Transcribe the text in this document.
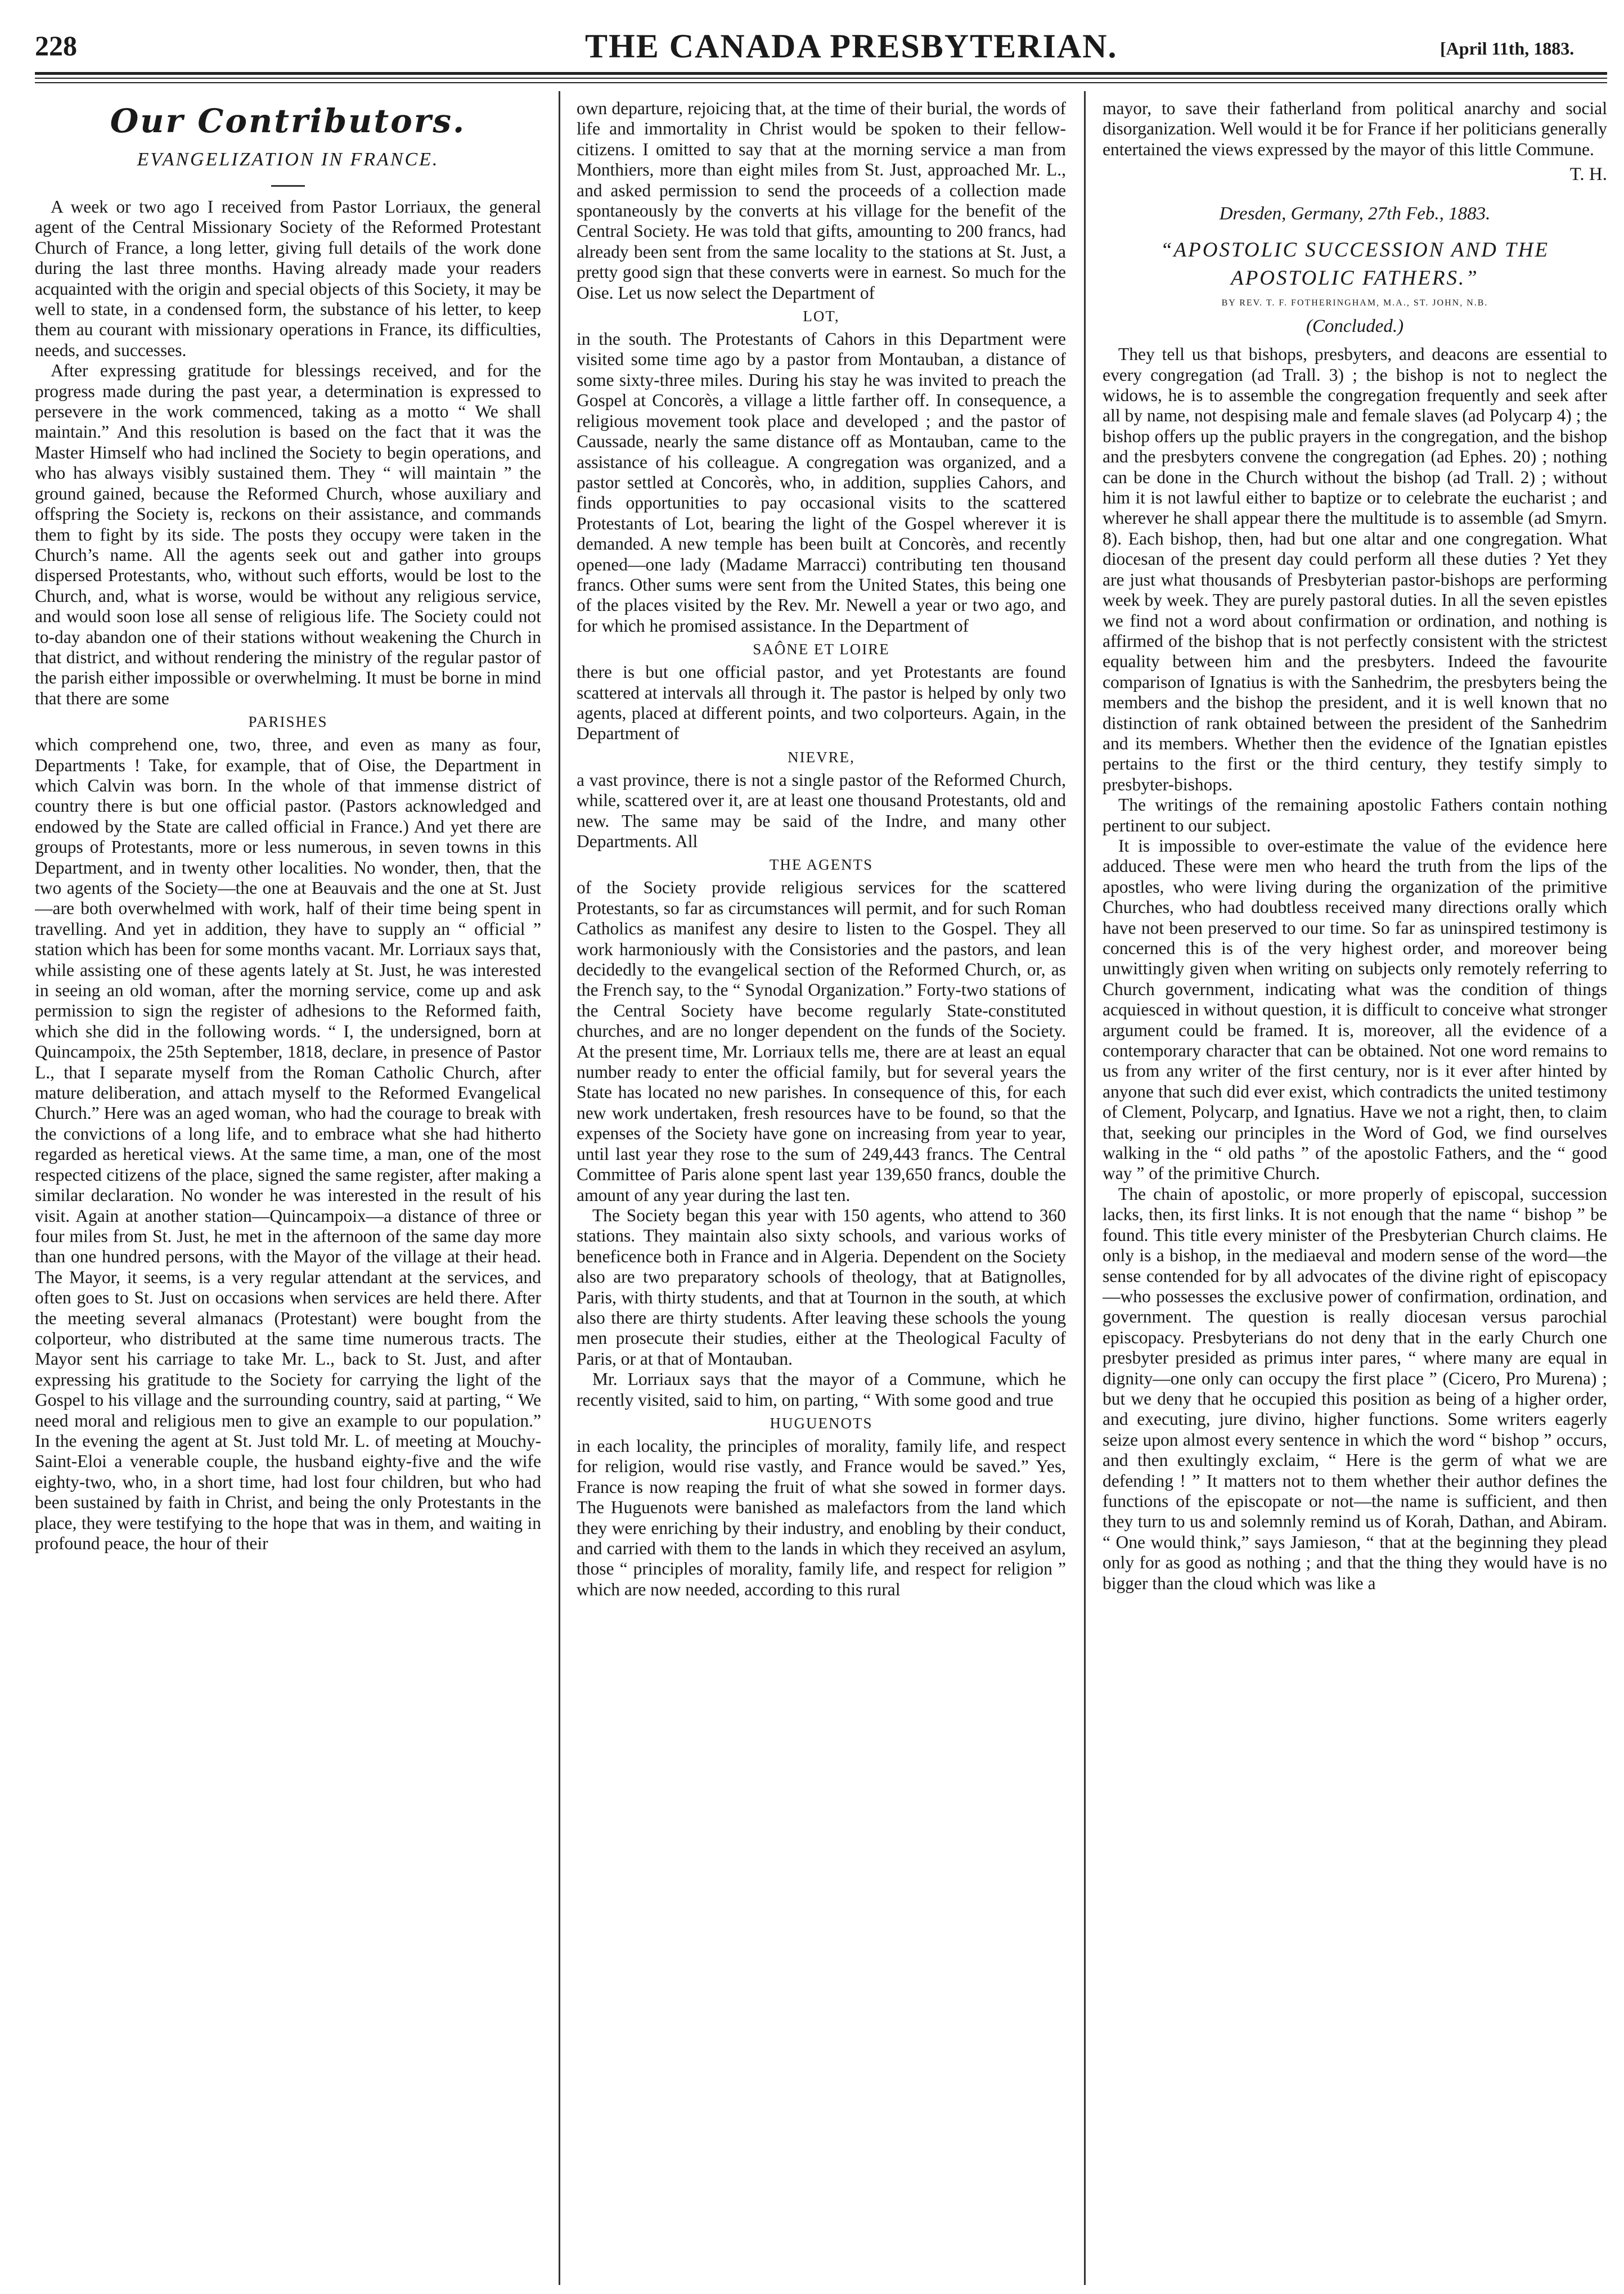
228	THE CANADA PRESBYTERIAN.	[April 11th, 1883.

Our Contributors.

EVANGELIZATION IN FRANCE.

A week or two ago I received from Pastor Lorriaux, the general agent of the Central Missionary Society of the Reformed Protestant Church of France, a long letter, giving full details of the work done during the last three months. Having already made your readers acquainted with the origin and special objects of this Society, it may be well to state, in a condensed form, the substance of his letter, to keep them au courant with missionary operations in France, its difficulties, needs, and successes.

After expressing gratitude for blessings received, and for the progress made during the past year, a determination is expressed to persevere in the work commenced, taking as a motto “ We shall maintain.” And this resolution is based on the fact that it was the Master Himself who had inclined the Society to begin operations, and who has always visibly sustained them. They “ will maintain ” the ground gained, because the Reformed Church, whose auxiliary and offspring the Society is, reckons on their assistance, and commands them to fight by its side. The posts they occupy were taken in the Church’s name. All the agents seek out and gather into groups dispersed Protestants, who, without such efforts, would be lost to the Church, and, what is worse, would be without any religious service, and would soon lose all sense of religious life. The Society could not to-day abandon one of their stations without weakening the Church in that district, and without rendering the ministry of the regular pastor of the parish either impossible or overwhelming. It must be borne in mind that there are some

PARISHES

which comprehend one, two, three, and even as many as four, Departments ! Take, for example, that of Oise, the Department in which Calvin was born. In the whole of that immense district of country there is but one official pastor. (Pastors acknowledged and endowed by the State are called official in France.) And yet there are groups of Protestants, more or less numerous, in seven towns in this Department, and in twenty other localities. No wonder, then, that the two agents of the Society—the one at Beauvais and the one at St. Just—are both overwhelmed with work, half of their time being spent in travelling. And yet in addition, they have to supply an “ official ” station which has been for some months vacant. Mr. Lorriaux says that, while assisting one of these agents lately at St. Just, he was interested in seeing an old woman, after the morning service, come up and ask permission to sign the register of adhesions to the Reformed faith, which she did in the following words. “ I, the undersigned, born at Quincampoix, the 25th September, 1818, declare, in presence of Pastor L., that I separate myself from the Roman Catholic Church, after mature deliberation, and attach myself to the Reformed Evangelical Church.” Here was an aged woman, who had the courage to break with the convictions of a long life, and to embrace what she had hitherto regarded as heretical views. At the same time, a man, one of the most respected citizens of the place, signed the same register, after making a similar declaration. No wonder he was interested in the result of his visit. Again at another station—Quincampoix—a distance of three or four miles from St. Just, he met in the afternoon of the same day more than one hundred persons, with the Mayor of the village at their head. The Mayor, it seems, is a very regular attendant at the services, and often goes to St. Just on occasions when services are held there. After the meeting several almanacs (Protestant) were bought from the colporteur, who distributed at the same time numerous tracts. The Mayor sent his carriage to take Mr. L., back to St. Just, and after expressing his gratitude to the Society for carrying the light of the Gospel to his village and the surrounding country, said at parting, “ We need moral and religious men to give an example to our population.” In the evening the agent at St. Just told Mr. L. of meeting at Mouchy-Saint-Eloi a venerable couple, the husband eighty-five and the wife eighty-two, who, in a short time, had lost four children, but who had been sustained by faith in Christ, and being the only Protestants in the place, they were testifying to the hope that was in them, and waiting in profound peace, the hour of their

own departure, rejoicing that, at the time of their burial, the words of life and immortality in Christ would be spoken to their fellow-citizens. I omitted to say that at the morning service a man from Monthiers, more than eight miles from St. Just, approached Mr. L., and asked permission to send the proceeds of a collection made spontaneously by the converts at his village for the benefit of the Central Society. He was told that gifts, amounting to 200 francs, had already been sent from the same locality to the stations at St. Just, a pretty good sign that these converts were in earnest. So much for the Oise. Let us now select the Department of

LOT,

in the south. The Protestants of Cahors in this Department were visited some time ago by a pastor from Montauban, a distance of some sixty-three miles. During his stay he was invited to preach the Gospel at Concorès, a village a little farther off. In consequence, a religious movement took place and developed ; and the pastor of Caussade, nearly the same distance off as Montauban, came to the assistance of his colleague. A congregation was organized, and a pastor settled at Concorès, who, in addition, supplies Cahors, and finds opportunities to pay occasional visits to the scattered Protestants of Lot, bearing the light of the Gospel wherever it is demanded. A new temple has been built at Concorès, and recently opened—one lady (Madame Marracci) contributing ten thousand francs. Other sums were sent from the United States, this being one of the places visited by the Rev. Mr. Newell a year or two ago, and for which he promised assistance. In the Department of

SAÔNE ET LOIRE

there is but one official pastor, and yet Protestants are found scattered at intervals all through it. The pastor is helped by only two agents, placed at different points, and two colporteurs. Again, in the Department of

NIEVRE,

a vast province, there is not a single pastor of the Reformed Church, while, scattered over it, are at least one thousand Protestants, old and new. The same may be said of the Indre, and many other Departments. All

THE AGENTS

of the Society provide religious services for the scattered Protestants, so far as circumstances will permit, and for such Roman Catholics as manifest any desire to listen to the Gospel. They all work harmoniously with the Consistories and the pastors, and lean decidedly to the evangelical section of the Reformed Church, or, as the French say, to the “ Synodal Organization.” Forty-two stations of the Central Society have become regularly State-constituted churches, and are no longer dependent on the funds of the Society. At the present time, Mr. Lorriaux tells me, there are at least an equal number ready to enter the official family, but for several years the State has located no new parishes. In consequence of this, for each new work undertaken, fresh resources have to be found, so that the expenses of the Society have gone on increasing from year to year, until last year they rose to the sum of 249,443 francs. The Central Committee of Paris alone spent last year 139,650 francs, double the amount of any year during the last ten.

The Society began this year with 150 agents, who attend to 360 stations. They maintain also sixty schools, and various works of beneficence both in France and in Algeria. Dependent on the Society also are two preparatory schools of theology, that at Batignolles, Paris, with thirty students, and that at Tournon in the south, at which also there are thirty students. After leaving these schools the young men prosecute their studies, either at the Theological Faculty of Paris, or at that of Montauban.

Mr. Lorriaux says that the mayor of a Commune, which he recently visited, said to him, on parting, “ With some good and true

HUGUENOTS

in each locality, the principles of morality, family life, and respect for religion, would rise vastly, and France would be saved.” Yes, France is now reaping the fruit of what she sowed in former days. The Huguenots were banished as malefactors from the land which they were enriching by their industry, and enobling by their conduct, and carried with them to the lands in which they received an asylum, those “ principles of morality, family life, and respect for religion ” which are now needed, according to this rural

mayor, to save their fatherland from political anarchy and social disorganization. Well would it be for France if her politicians generally entertained the views expressed by the mayor of this little Commune.

T. H.

Dresden, Germany, 27th Feb., 1883.

“APOSTOLIC SUCCESSION AND THE APOSTOLIC FATHERS.”

BY REV. T. F. FOTHERINGHAM, M.A., ST. JOHN, N.B.

(Concluded.)

They tell us that bishops, presbyters, and deacons are essential to every congregation (ad Trall. 3) ; the bishop is not to neglect the widows, he is to assemble the congregation frequently and seek after all by name, not despising male and female slaves (ad Polycarp 4) ; the bishop offers up the public prayers in the congregation, and the bishop and the presbyters convene the congregation (ad Ephes. 20) ; nothing can be done in the Church without the bishop (ad Trall. 2) ; without him it is not lawful either to baptize or to celebrate the eucharist ; and wherever he shall appear there the multitude is to assemble (ad Smyrn. 8). Each bishop, then, had but one altar and one congregation. What diocesan of the present day could perform all these duties ? Yet they are just what thousands of Presbyterian pastor-bishops are performing week by week. They are purely pastoral duties. In all the seven epistles we find not a word about confirmation or ordination, and nothing is affirmed of the bishop that is not perfectly consistent with the strictest equality between him and the presbyters. Indeed the favourite comparison of Ignatius is with the Sanhedrim, the presbyters being the members and the bishop the president, and it is well known that no distinction of rank obtained between the president of the Sanhedrim and its members. Whether then the evidence of the Ignatian epistles pertains to the first or the third century, they testify simply to presbyter-bishops.

The writings of the remaining apostolic Fathers contain nothing pertinent to our subject.

It is impossible to over-estimate the value of the evidence here adduced. These were men who heard the truth from the lips of the apostles, who were living during the organization of the primitive Churches, who had doubtless received many directions orally which have not been preserved to our time. So far as uninspired testimony is concerned this is of the very highest order, and moreover being unwittingly given when writing on subjects only remotely referring to Church government, indicating what was the condition of things acquiesced in without question, it is difficult to conceive what stronger argument could be framed. It is, moreover, all the evidence of a contemporary character that can be obtained. Not one word remains to us from any writer of the first century, nor is it ever after hinted by anyone that such did ever exist, which contradicts the united testimony of Clement, Polycarp, and Ignatius. Have we not a right, then, to claim that, seeking our principles in the Word of God, we find ourselves walking in the “ old paths ” of the apostolic Fathers, and the “ good way ” of the primitive Church.

The chain of apostolic, or more properly of episcopal, succession lacks, then, its first links. It is not enough that the name “ bishop ” be found. This title every minister of the Presbyterian Church claims. He only is a bishop, in the mediaeval and modern sense of the word—the sense contended for by all advocates of the divine right of episcopacy—who possesses the exclusive power of confirmation, ordination, and government. The question is really diocesan versus parochial episcopacy. Presbyterians do not deny that in the early Church one presbyter presided as primus inter pares, “ where many are equal in dignity—one only can occupy the first place ” (Cicero, Pro Murena) ; but we deny that he occupied this position as being of a higher order, and executing, jure divino, higher functions. Some writers eagerly seize upon almost every sentence in which the word “ bishop ” occurs, and then exultingly exclaim, “ Here is the germ of what we are defending ! ” It matters not to them whether their author defines the functions of the episcopate or not—the name is sufficient, and then they turn to us and solemnly remind us of Korah, Dathan, and Abiram. “ One would think,” says Jamieson, “ that at the beginning they plead only for as good as nothing ; and that the thing they would have is no bigger than the cloud which was like a
